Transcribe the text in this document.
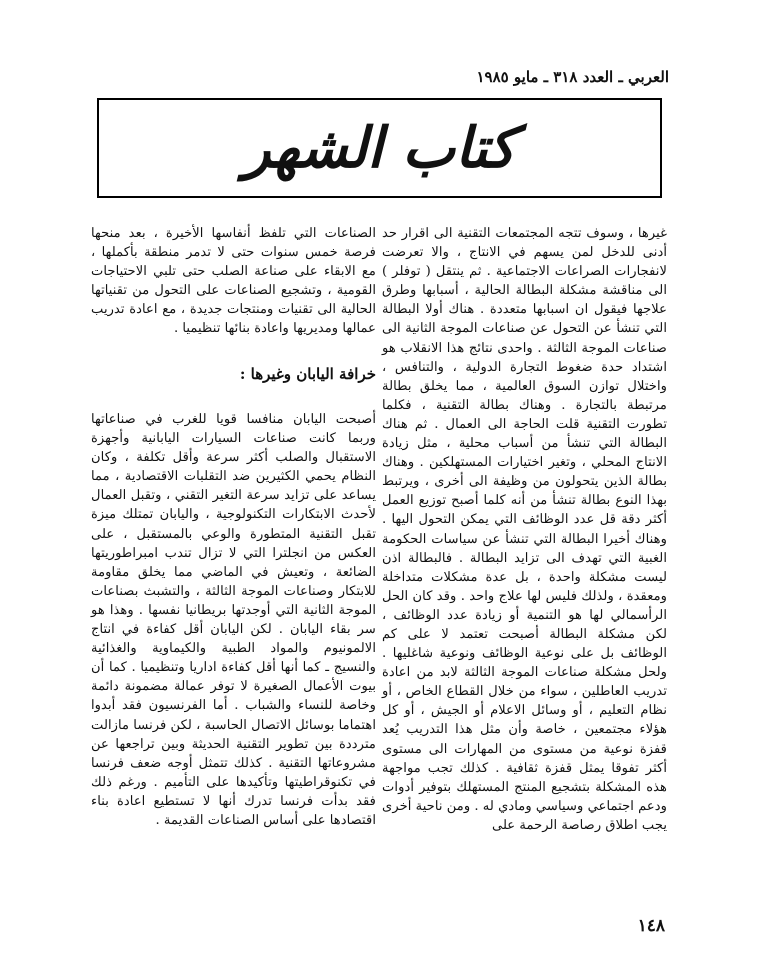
العربي ـ العدد ٣١٨ ـ مايو ١٩٨٥
كتاب الشهر

غيرها ، وسوف تتجه المجتمعات التقنية الى اقرار حد أدنى للدخل لمن يسهم في الانتاج ، والا تعرضت لانفجارات الصراعات الاجتماعية . ثم ينتقل ( توفلر ) الى مناقشة مشكلة البطالة الحالية ، أسبابها وطرق علاجها فيقول ان اسبابها متعددة . هناك أولا البطالة التي تنشأ عن التحول عن صناعات الموجة الثانية الى صناعات الموجة الثالثة . واحدى نتائج هذا الانقلاب هو اشتداد حدة ضغوط التجارة الدولية ، والتنافس ، واختلال توازن السوق العالمية ، مما يخلق بطالة مرتبطة بالتجارة . وهناك بطالة التقنية ، فكلما تطورت التقنية قلت الحاجة الى العمال . ثم هناك البطالة التي تنشأ من أسباب محلية ، مثل زيادة الانتاج المحلي ، وتغير اختيارات المستهلكين . وهناك بطالة الذين يتحولون من وظيفة الى أخرى ، ويرتبط بهذا النوع بطالة تنشأ من أنه كلما أصبح توزيع العمل أكثر دقة قل عدد الوظائف التي يمكن التحول اليها . وهناك أخيرا البطالة التي تنشأ عن سياسات الحكومة الغبية التي تهدف الى تزايد البطالة . فالبطالة اذن ليست مشكلة واحدة ، بل عدة مشكلات متداخلة ومعقدة ، ولذلك فليس لها علاج واحد . وقد كان الحل الرأسمالي لها هو التنمية أو زيادة عدد الوظائف ، لكن مشكلة البطالة أصبحت تعتمد لا على كم الوظائف بل على نوعية الوظائف ونوعية شاغليها . ولحل مشكلة صناعات الموجة الثالثة لابد من اعادة تدريب العاطلين ، سواء من خلال القطاع الخاص ، أو نظام التعليم ، أو وسائل الاعلام أو الجيش ، أو كل هؤلاء مجتمعين ، خاصة وأن مثل هذا التدريب يُعد قفزة نوعية من مستوى من المهارات الى مستوى أكثر تفوقا يمثل قفزة ثقافية . كذلك تجب مواجهة هذه المشكلة بتشجيع المنتج المستهلك بتوفير أدوات ودعم اجتماعي وسياسي ومادي له . ومن ناحية أخرى يجب اطلاق رصاصة الرحمة على

الصناعات التي تلفظ أنفاسها الأخيرة ، بعد منحها فرصة خمس سنوات حتى لا تدمر منطقة بأكملها ، مع الابقاء على صناعة الصلب حتى تلبي الاحتياجات القومية ، وتشجيع الصناعات على التحول من تقنياتها الحالية الى تقنيات ومنتجات جديدة ، مع اعادة تدريب عمالها ومديريها واعادة بنائها تنظيميا .

خرافة اليابان وغيرها :

أصبحت اليابان منافسا قويا للغرب في صناعاتها وربما كانت صناعات السيارات اليابانية وأجهزة الاستقبال والصلب أكثر سرعة وأقل تكلفة ، وكان النظام يحمي الكثيرين ضد التقلبات الاقتصادية ، مما يساعد على تزايد سرعة التغير التقني ، وتقبل العمال لأحدث الابتكارات التكنولوجية ، واليابان تمتلك ميزة تقبل التقنية المتطورة والوعي بالمستقبل ، على العكس من انجلترا التي لا تزال تندب امبراطوريتها الضائعة ، وتعيش في الماضي مما يخلق مقاومة للابتكار وصناعات الموجة الثالثة ، والتشبث بصناعات الموجة الثانية التي أوجدتها بريطانيا نفسها . وهذا هو سر بقاء اليابان . لكن اليابان أقل كفاءة في انتاج الالمونيوم والمواد الطبية والكيماوية والغذائية والنسيج ـ كما أنها أقل كفاءة اداريا وتنظيميا . كما أن بيوت الأعمال الصغيرة لا توفر عمالة مضمونة دائمة وخاصة للنساء والشباب . أما الفرنسيون فقد أبدوا اهتماما بوسائل الاتصال الحاسبة ، لكن فرنسا مازالت مترددة بين تطوير التقنية الحديثة وبين تراجعها عن مشروعاتها التقنية . كذلك تتمثل أوجه ضعف فرنسا في تكنوقراطيتها وتأكيدها على التأميم . ورغم ذلك فقد بدأت فرنسا تدرك أنها لا تستطيع اعادة بناء اقتصادها على أساس الصناعات القديمة .

١٤٨
